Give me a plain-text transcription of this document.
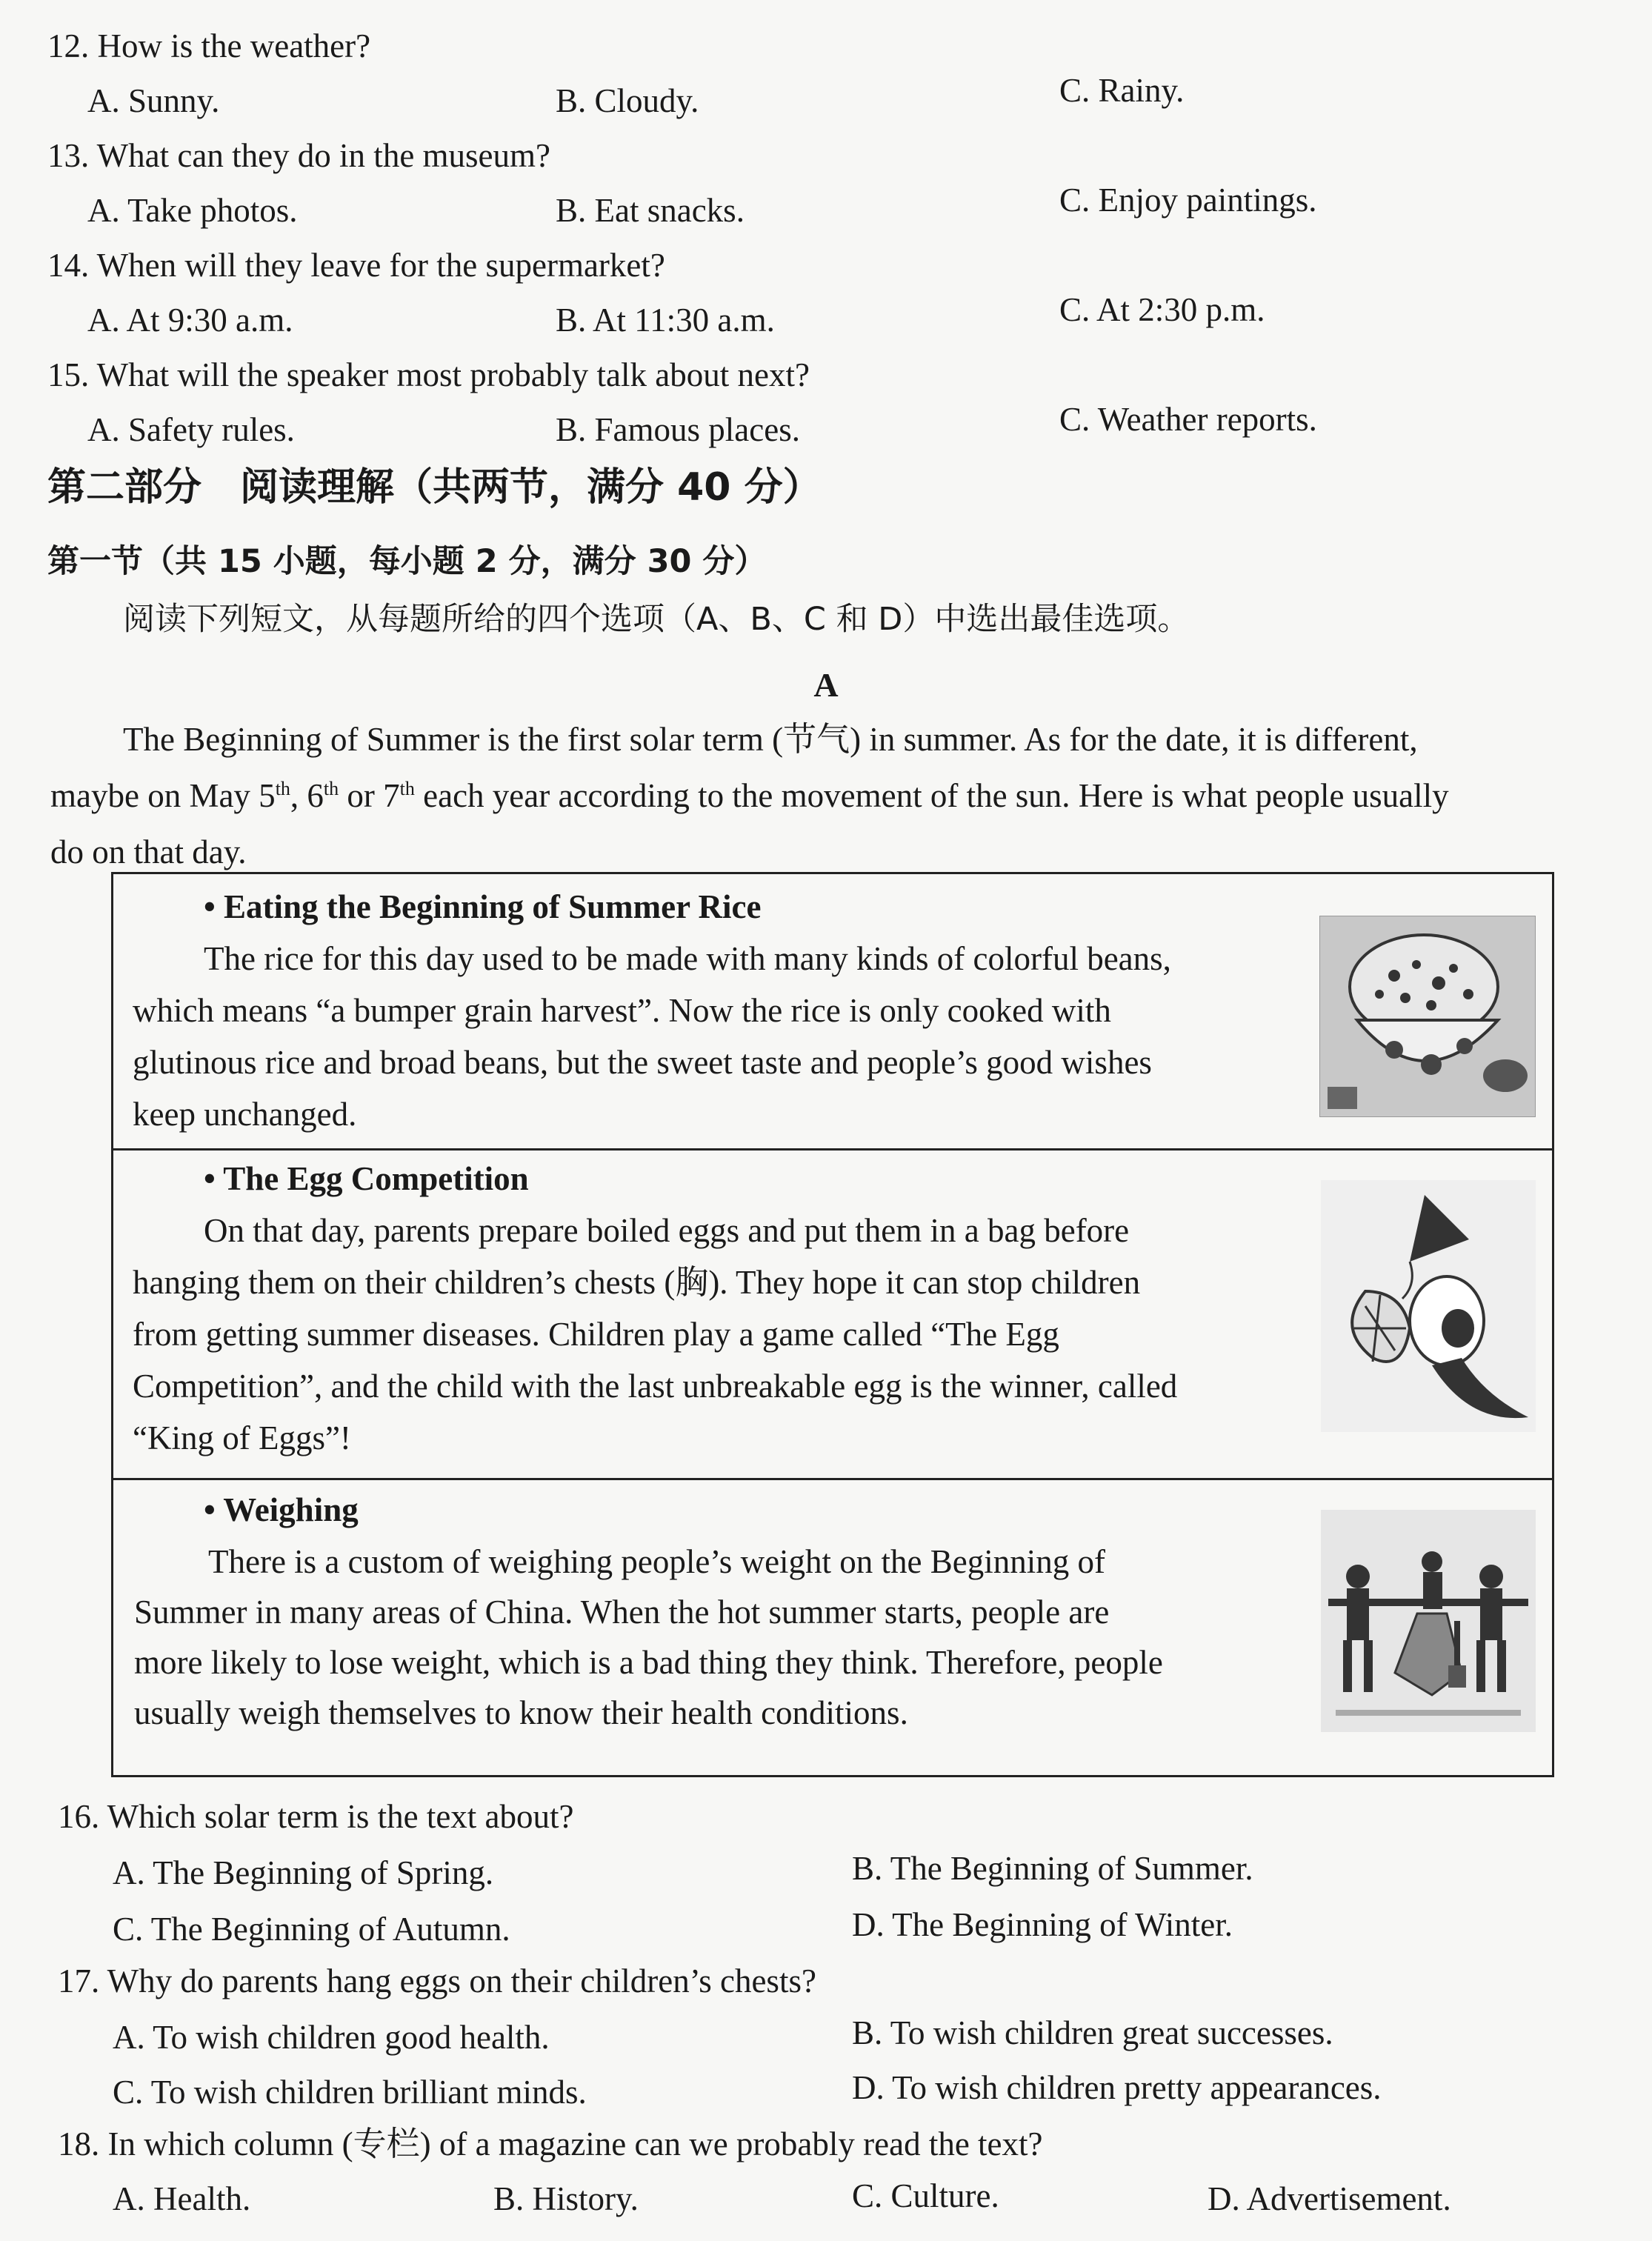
12. How is the weather?
A. Sunny.	B. Cloudy.	C. Rainy.
13. What can they do in the museum?
A. Take photos.	B. Eat snacks.	C. Enjoy paintings.
14. When will they leave for the supermarket?
A. At 9:30 a.m.	B. At 11:30 a.m.	C. At 2:30 p.m.
15. What will the speaker most probably talk about next?
A. Safety rules.	B. Famous places.	C. Weather reports.
第二部分　阅读理解（共两节，满分 40 分）
第一节（共 15 小题，每小题 2 分，满分 30 分）
阅读下列短文，从每题所给的四个选项（A、B、C 和 D）中选出最佳选项。
A
The Beginning of Summer is the first solar term (节气) in summer. As for the date, it is different,
maybe on May 5th, 6th or 7th each year according to the movement of the sun. Here is what people usually
do on that day.
• Eating the Beginning of Summer Rice
The rice for this day used to be made with many kinds of colorful beans,
which means “a bumper grain harvest”. Now the rice is only cooked with
glutinous rice and broad beans, but the sweet taste and people’s good wishes
keep unchanged.
• The Egg Competition
On that day, parents prepare boiled eggs and put them in a bag before
hanging them on their children’s chests (胸). They hope it can stop children
from getting summer diseases. Children play a game called “The Egg
Competition”, and the child with the last unbreakable egg is the winner, called
“King of Eggs”!
• Weighing
There is a custom of weighing people’s weight on the Beginning of
Summer in many areas of China. When the hot summer starts, people are
more likely to lose weight, which is a bad thing they think. Therefore, people
usually weigh themselves to know their health conditions.
16. Which solar term is the text about?
A. The Beginning of Spring.	B. The Beginning of Summer.
C. The Beginning of Autumn.	D. The Beginning of Winter.
17. Why do parents hang eggs on their children’s chests?
A. To wish children good health.	B. To wish children great successes.
C. To wish children brilliant minds.	D. To wish children pretty appearances.
18. In which column (专栏) of a magazine can we probably read the text?
A. Health.	B. History.	C. Culture.	D. Advertisement.
